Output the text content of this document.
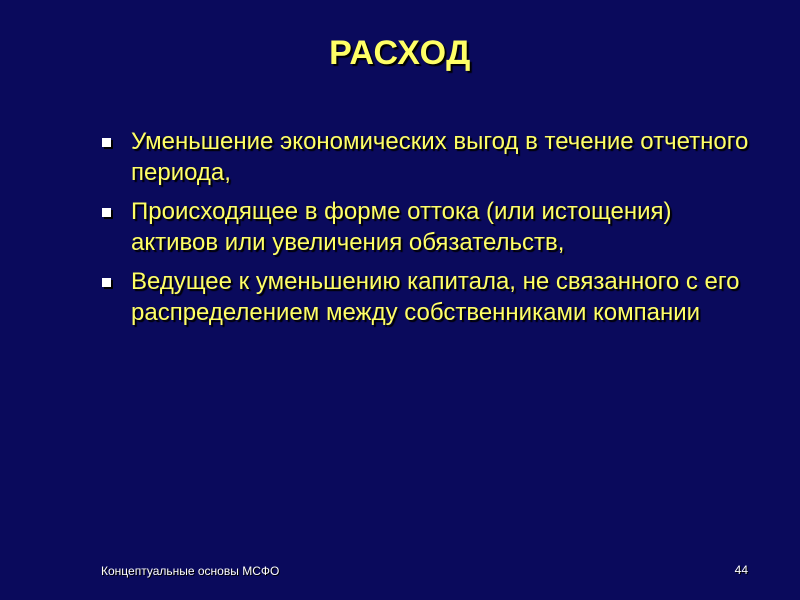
РАСХОД
Уменьшение экономических выгод в течение отчетного периода,
Происходящее в форме оттока (или истощения) активов или увеличения обязательств,
Ведущее к уменьшению капитала, не связанного с его распределением между собственниками компании
Концептуальные основы МСФО	44
